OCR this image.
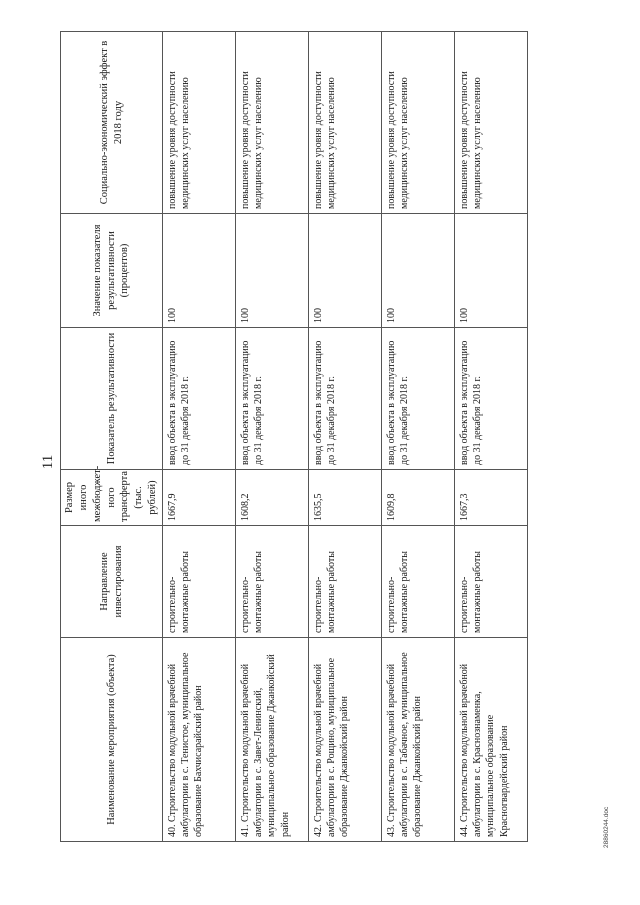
11
Наименование мероприятия (объекта)	Направление инвестирования	Размер иного межбюджет-ного трансферта (тыс. рублей)	Показатель результативности	Значение показателя результативности (процентов)	Социально-экономический эффект в 2018 году
40. Строительство модульной врачебной амбулатории в с. Тенистое, муниципальное образование Бахчисарайский район	строительно-монтажные работы	1667,9	ввод объекта в эксплуатацию до 31 декабря 2018 г.	100	повышение уровня доступности медицинских услуг населению
41. Строительство модульной врачебной амбулатории в с. Завет-Ленинский, муниципальное образование Джанкойский район	строительно-монтажные работы	1608,2	ввод объекта в эксплуатацию до 31 декабря 2018 г.	100	повышение уровня доступности медицинских услуг населению
42. Строительство модульной врачебной амбулатории в с. Рощино, муниципальное образование Джанкойский район	строительно-монтажные работы	1635,5	ввод объекта в эксплуатацию до 31 декабря 2018 г.	100	повышение уровня доступности медицинских услуг населению
43. Строительство модульной врачебной амбулатории в с. Табачное, муниципальное образование Джанкойский район	строительно-монтажные работы	1609,8	ввод объекта в эксплуатацию до 31 декабря 2018 г.	100	повышение уровня доступности медицинских услуг населению
44. Строительство модульной врачебной амбулатории в с. Краснознаменка, муниципальное образование Красногвардейский район	строительно-монтажные работы	1667,3	ввод объекта в эксплуатацию до 31 декабря 2018 г.	100	повышение уровня доступности медицинских услуг населению
28860244.doc
